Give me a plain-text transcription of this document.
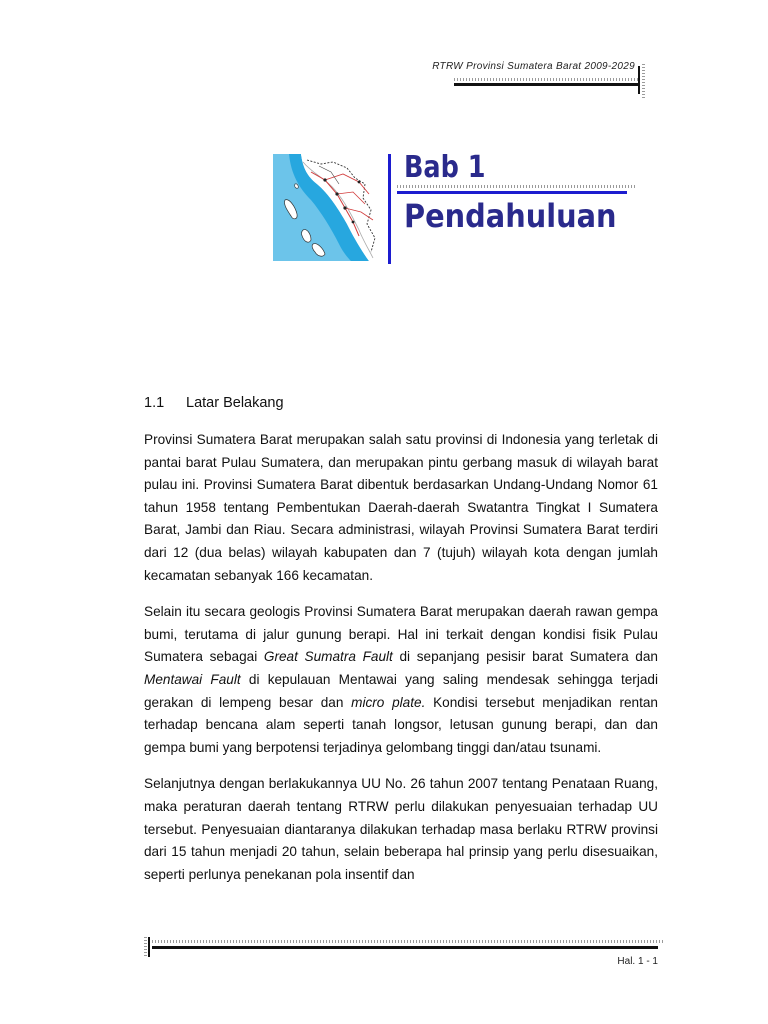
RTRW Provinsi Sumatera Barat 2009-2029
Bab 1
Pendahuluan
1.1 Latar Belakang

Provinsi Sumatera Barat merupakan salah satu provinsi di Indonesia yang terletak di pantai barat Pulau Sumatera, dan merupakan pintu gerbang masuk di wilayah barat pulau ini. Provinsi Sumatera Barat dibentuk berdasarkan Undang-Undang Nomor 61 tahun 1958 tentang Pembentukan Daerah-daerah Swatantra Tingkat I Sumatera Barat, Jambi dan Riau. Secara administrasi, wilayah Provinsi Sumatera Barat terdiri dari 12 (dua belas) wilayah kabupaten dan 7 (tujuh) wilayah kota dengan jumlah kecamatan sebanyak 166 kecamatan.

Selain itu secara geologis Provinsi Sumatera Barat merupakan daerah rawan gempa bumi, terutama di jalur gunung berapi. Hal ini terkait dengan kondisi fisik Pulau Sumatera sebagai Great Sumatra Fault di sepanjang pesisir barat Sumatera dan Mentawai Fault di kepulauan Mentawai yang saling mendesak sehingga terjadi gerakan di lempeng besar dan micro plate. Kondisi tersebut menjadikan rentan terhadap bencana alam seperti tanah longsor, letusan gunung berapi, dan dan gempa bumi yang berpotensi terjadinya gelombang tinggi dan/atau tsunami.

Selanjutnya dengan berlakukannya UU No. 26 tahun 2007 tentang Penataan Ruang, maka peraturan daerah tentang RTRW perlu dilakukan penyesuaian terhadap UU tersebut. Penyesuaian diantaranya dilakukan terhadap masa berlaku RTRW provinsi dari 15 tahun menjadi 20 tahun, selain beberapa hal prinsip yang perlu disesuaikan, seperti perlunya penekanan pola insentif dan

Hal. 1 - 1
